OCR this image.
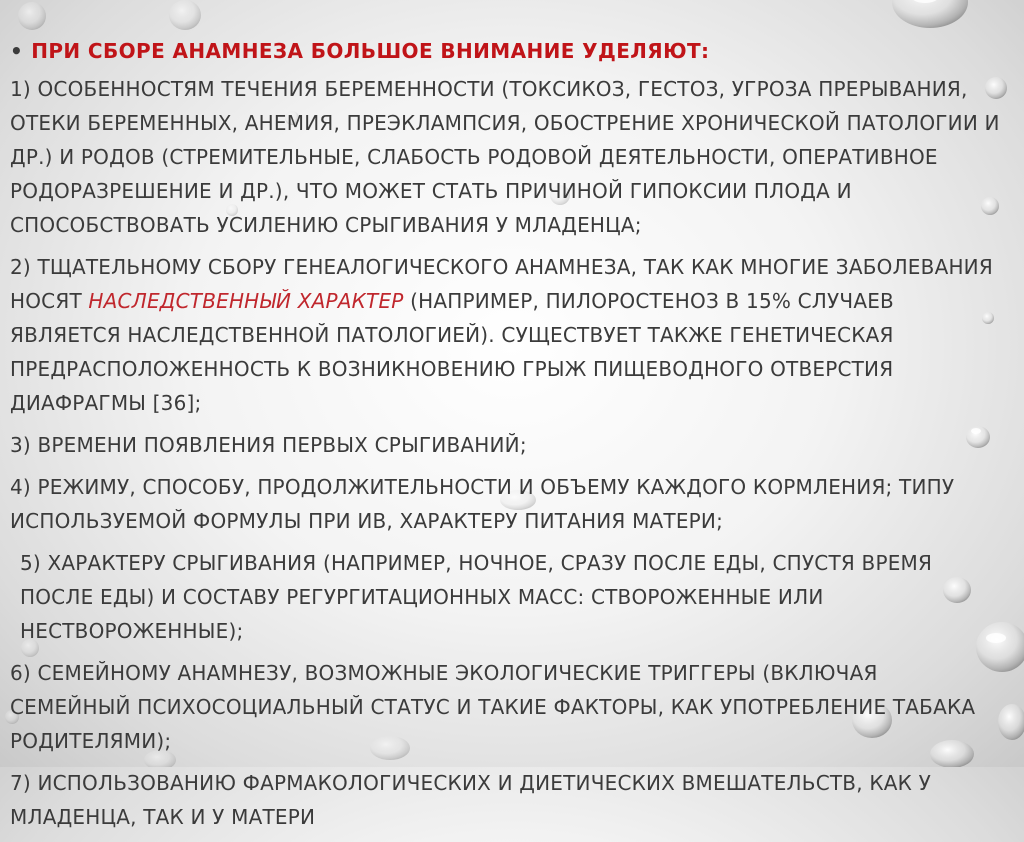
• ПРИ СБОРЕ АНАМНЕЗА БОЛЬШОЕ ВНИМАНИЕ УДЕЛЯЮТ:
1) ОСОБЕННОСТЯМ ТЕЧЕНИЯ БЕРЕМЕННОСТИ (ТОКСИКОЗ, ГЕСТОЗ, УГРОЗА ПРЕРЫВАНИЯ, ОТЕКИ БЕРЕМЕННЫХ, АНЕМИЯ, ПРЕЭКЛАМПСИЯ, ОБОСТРЕНИЕ ХРОНИЧЕСКОЙ ПАТОЛОГИИ И ДР.) И РОДОВ (СТРЕМИТЕЛЬНЫЕ, СЛАБОСТЬ РОДОВОЙ ДЕЯТЕЛЬНОСТИ, ОПЕРАТИВНОЕ РОДОРАЗРЕШЕНИЕ И ДР.), ЧТО МОЖЕТ СТАТЬ ПРИЧИНОЙ ГИПОКСИИ ПЛОДА И СПОСОБСТВОВАТЬ УСИЛЕНИЮ СРЫГИВАНИЯ У МЛАДЕНЦА;
2) ТЩАТЕЛЬНОМУ СБОРУ ГЕНЕАЛОГИЧЕСКОГО АНАМНЕЗА, ТАК КАК МНОГИЕ ЗАБОЛЕВАНИЯ НОСЯТ НАСЛЕДСТВЕННЫЙ ХАРАКТЕР (НАПРИМЕР, ПИЛОРОСТЕНОЗ В 15% СЛУЧАЕВ ЯВЛЯЕТСЯ НАСЛЕДСТВЕННОЙ ПАТОЛОГИЕЙ). СУЩЕСТВУЕТ ТАКЖЕ ГЕНЕТИЧЕСКАЯ ПРЕДРАСПОЛОЖЕННОСТЬ К ВОЗНИКНОВЕНИЮ ГРЫЖ ПИЩЕВОДНОГО ОТВЕРСТИЯ ДИАФРАГМЫ [36];
3) ВРЕМЕНИ ПОЯВЛЕНИЯ ПЕРВЫХ СРЫГИВАНИЙ;
4) РЕЖИМУ, СПОСОБУ, ПРОДОЛЖИТЕЛЬНОСТИ И ОБЪЕМУ КАЖДОГО КОРМЛЕНИЯ; ТИПУ ИСПОЛЬЗУЕМОЙ ФОРМУЛЫ ПРИ ИВ, ХАРАКТЕРУ ПИТАНИЯ МАТЕРИ;
5) ХАРАКТЕРУ СРЫГИВАНИЯ (НАПРИМЕР, НОЧНОЕ, СРАЗУ ПОСЛЕ ЕДЫ, СПУСТЯ ВРЕМЯ ПОСЛЕ ЕДЫ) И СОСТАВУ РЕГУРГИТАЦИОННЫХ МАСС: СТВОРОЖЕННЫЕ ИЛИ НЕСТВОРОЖЕННЫЕ);
6) СЕМЕЙНОМУ АНАМНЕЗУ, ВОЗМОЖНЫЕ ЭКОЛОГИЧЕСКИЕ ТРИГГЕРЫ (ВКЛЮЧАЯ СЕМЕЙНЫЙ ПСИХОСОЦИАЛЬНЫЙ СТАТУС И ТАКИЕ ФАКТОРЫ, КАК УПОТРЕБЛЕНИЕ ТАБАКА РОДИТЕЛЯМИ);
7) ИСПОЛЬЗОВАНИЮ ФАРМАКОЛОГИЧЕСКИХ И ДИЕТИЧЕСКИХ ВМЕШАТЕЛЬСТВ, КАК У МЛАДЕНЦА, ТАК И У МАТЕРИ
